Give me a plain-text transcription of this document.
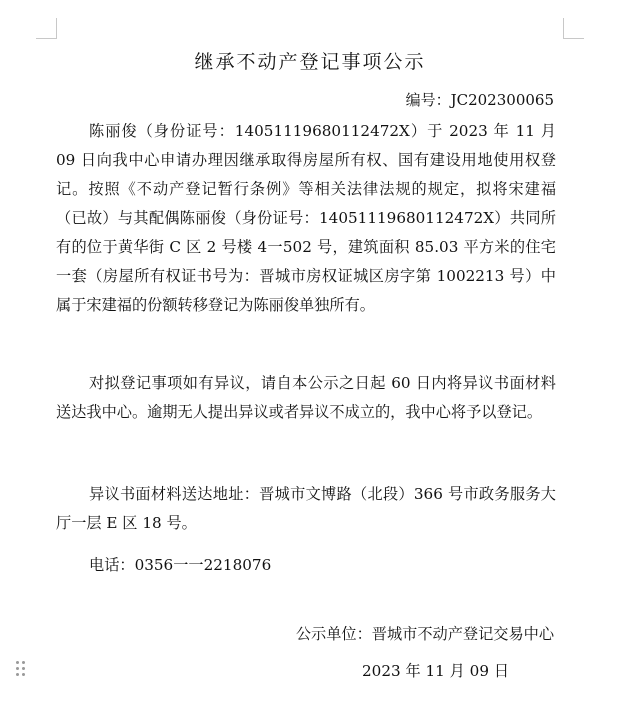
继承不动产登记事项公示
编号：JC202300065
陈丽俊（身份证号：14051119680112472X）于 2023 年 11 月 09 日向我中心申请办理因继承取得房屋所有权、国有建设用地使用权登记。按照《不动产登记暂行条例》等相关法律法规的规定，拟将宋建福（已故）与其配偶陈丽俊（身份证号：14051119680112472X）共同所有的位于黄华街 C 区 2 号楼 4一502 号，建筑面积 85.03 平方米的住宅一套（房屋所有权证书号为：晋城市房权证城区房字第 1002213 号）中属于宋建福的份额转移登记为陈丽俊单独所有。
对拟登记事项如有异议，请自本公示之日起 60 日内将异议书面材料送达我中心。逾期无人提出异议或者异议不成立的，我中心将予以登记。
异议书面材料送达地址：晋城市文博路（北段）366 号市政务服务大厅一层 E 区 18 号。
电话：0356一一2218076
公示单位：晋城市不动产登记交易中心
2023 年 11 月 09 日
